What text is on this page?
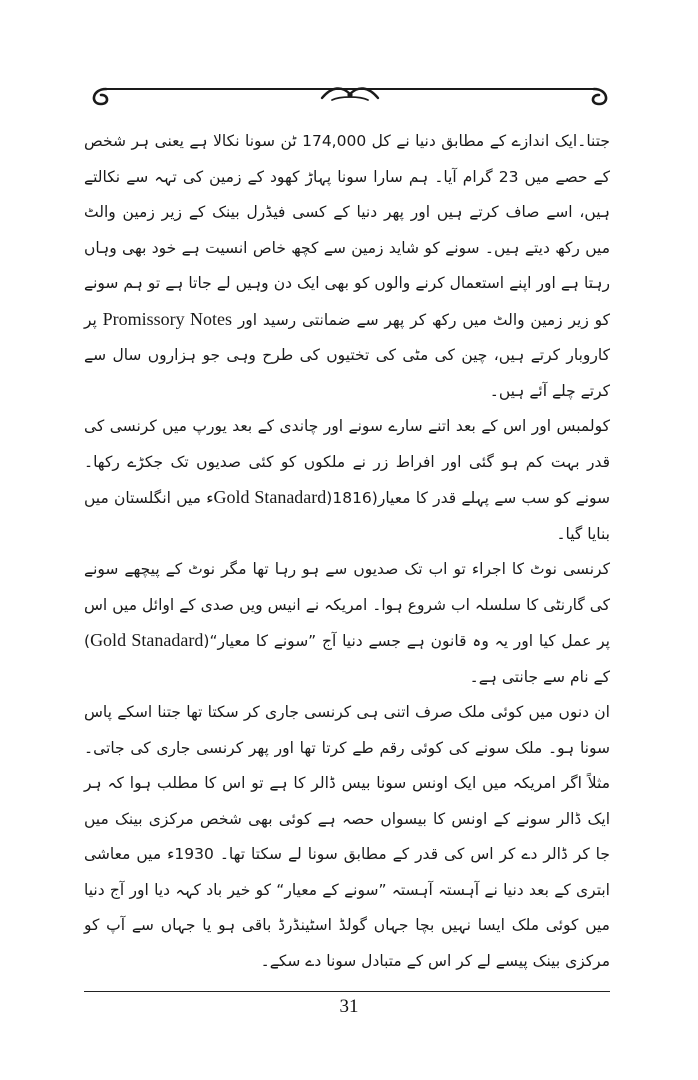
جتنا۔ایک اندازے کے مطابق دنیا نے کل 174,000 ٹن سونا نکالا ہے یعنی ہر شخص کے حصے میں 23 گرام آیا۔ ہم سارا سونا پہاڑ کھود کے زمین کی تہہ سے نکالتے ہیں، اسے صاف کرتے ہیں اور پھر دنیا کے کسی فیڈرل بینک کے زیر زمین والٹ میں رکھ دیتے ہیں۔ سونے کو شاید زمین سے کچھ خاص انسیت ہے خود بھی وہاں رہتا ہے اور اپنے استعمال کرنے والوں کو بھی ایک دن وہیں لے جاتا ہے تو ہم سونے کو زیر زمین والٹ میں رکھ کر پھر سے ضمانتی رسید اور Promissory Notes پر کاروبار کرتے ہیں، چین کی مٹی کی تختیوں کی طرح وہی جو ہزاروں سال سے کرتے چلے آئے ہیں۔

کولمبس اور اس کے بعد اتنے سارے سونے اور چاندی کے بعد یورپ میں کرنسی کی قدر بہت کم ہو گئی اور افراط زر نے ملکوں کو کئی صدیوں تک جکڑے رکھا۔ سونے کو سب سے پہلے قدر کا معیار(Gold Stanadard)1816ء میں انگلستان میں بنایا گیا۔

کرنسی نوٹ کا اجراء تو اب تک صدیوں سے ہو رہا تھا مگر نوٹ کے پیچھے سونے کی گارنٹی کا سلسلہ اب شروع ہوا۔ امریکہ نے انیس ویں صدی کے اوائل میں اس پر عمل کیا اور یہ وہ قانون ہے جسے دنیا آج ”سونے کا معیار“(Gold Stanadard) کے نام سے جانتی ہے۔

ان دنوں میں کوئی ملک صرف اتنی ہی کرنسی جاری کر سکتا تھا جتنا اسکے پاس سونا ہو۔ ملک سونے کی کوئی رقم طے کرتا تھا اور پھر کرنسی جاری کی جاتی۔ مثلاً اگر امریکہ میں ایک اونس سونا بیس ڈالر کا ہے تو اس کا مطلب ہوا کہ ہر ایک ڈالر سونے کے اونس کا بیسواں حصہ ہے کوئی بھی شخص مرکزی بینک میں جا کر ڈالر دے کر اس کی قدر کے مطابق سونا لے سکتا تھا۔ 1930ء میں معاشی ابتری کے بعد دنیا نے آہستہ آہستہ ”سونے کے معیار“ کو خیر باد کہہ دیا اور آج دنیا میں کوئی ملک ایسا نہیں بچا جہاں گولڈ اسٹینڈرڈ باقی ہو یا جہاں سے آپ کو مرکزی بینک پیسے لے کر اس کے متبادل سونا دے سکے۔

31
